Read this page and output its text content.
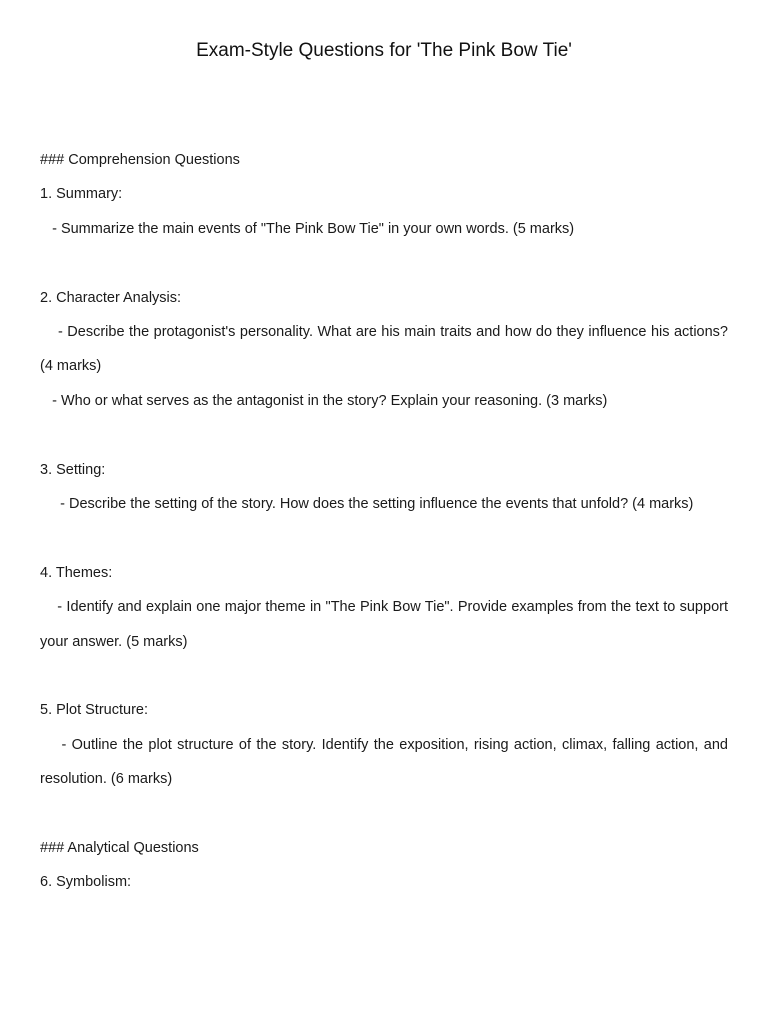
Exam-Style Questions for 'The Pink Bow Tie'
### Comprehension Questions
1. Summary:
- Summarize the main events of "The Pink Bow Tie" in your own words. (5 marks)
2. Character Analysis:
- Describe the protagonist's personality. What are his main traits and how do they influence his actions? (4 marks)
- Who or what serves as the antagonist in the story? Explain your reasoning. (3 marks)
3. Setting:
- Describe the setting of the story. How does the setting influence the events that unfold? (4 marks)
4. Themes:
- Identify and explain one major theme in "The Pink Bow Tie". Provide examples from the text to support your answer. (5 marks)
5. Plot Structure:
- Outline the plot structure of the story. Identify the exposition, rising action, climax, falling action, and resolution. (6 marks)
### Analytical Questions
6. Symbolism:
